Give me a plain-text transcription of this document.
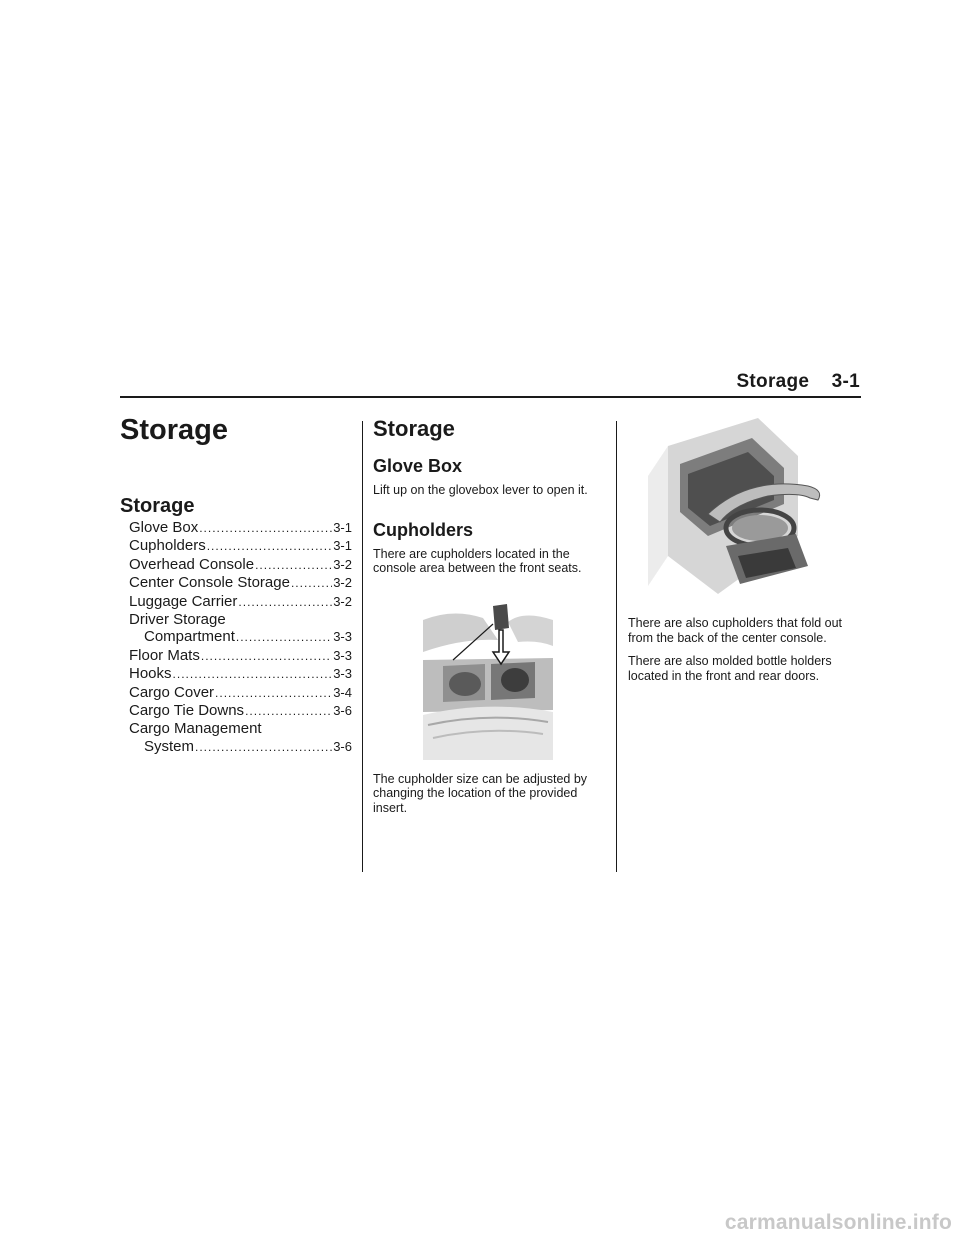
Storage 3-1
Storage
Storage
Glove Box .....	3-1
Cupholders .....	3-1
Overhead Console .....	3-2
Center Console Storage .....	3-2
Luggage Carrier .....	3-2
Driver Storage
Compartment .....	3-3
Floor Mats .....	3-3
Hooks .....	3-3
Cargo Cover .....	3-4
Cargo Tie Downs .....	3-6
Cargo Management
System .....	3-6
Storage
Glove Box

Lift up on the glovebox lever to open it.

Cupholders

There are cupholders located in the console area between the front seats.

The cupholder size can be adjusted by changing the location of the provided insert.

There are also cupholders that fold out from the back of the center console.

There are also molded bottle holders located in the front and rear doors.

carmanualsonline.info
